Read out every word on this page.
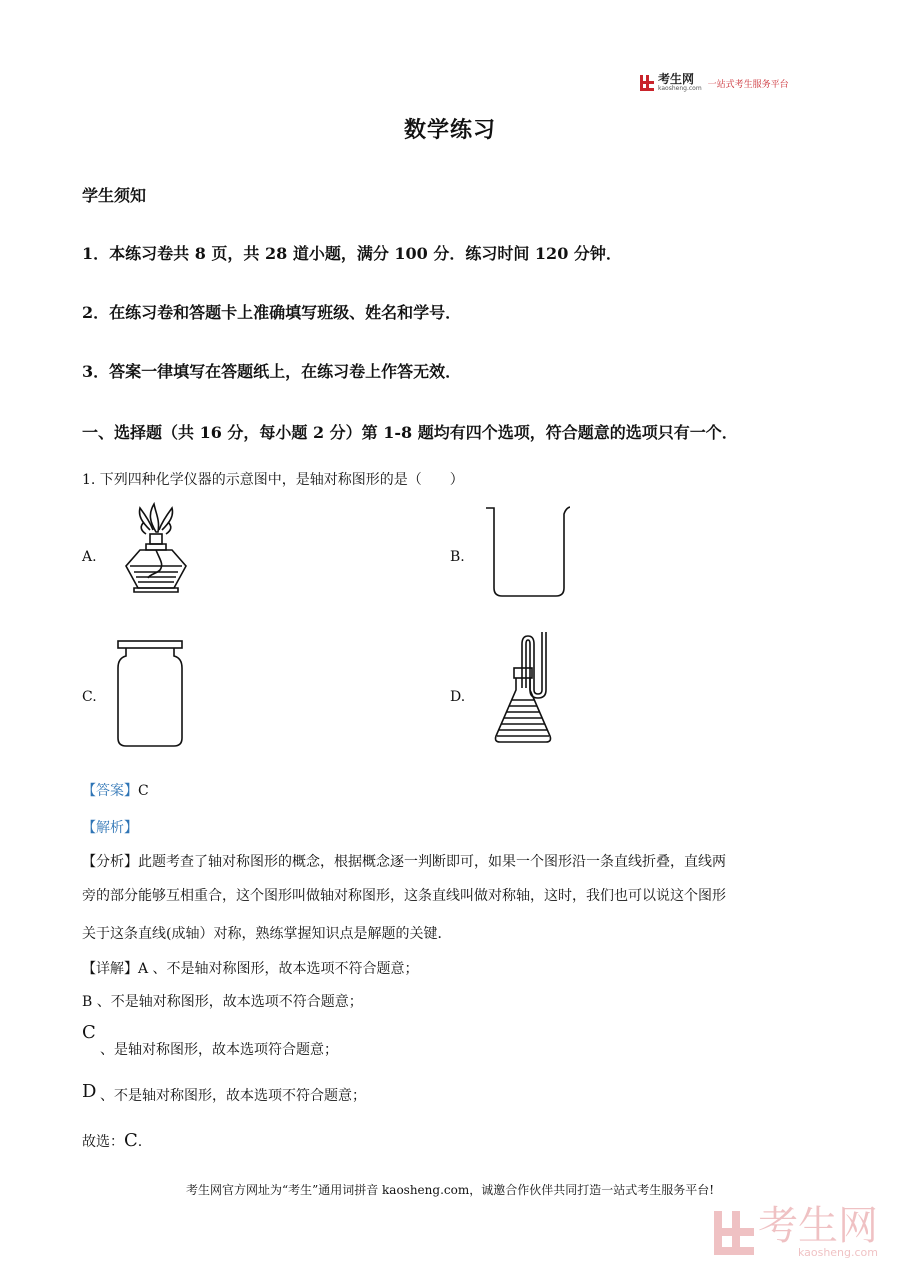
考生网
kaosheng.com 一站式考生服务平台
数学练习
学生须知
1．本练习卷共 8 页，共 28 道小题，满分 100 分．练习时间 120 分钟．
2．在练习卷和答题卡上准确填写班级、姓名和学号．
3．答案一律填写在答题纸上，在练习卷上作答无效．
一、选择题（共 16 分，每小题 2 分）第 1-8 题均有四个选项，符合题意的选项只有一个．
1. 下列四种化学仪器的示意图中，是轴对称图形的是（　　）
A.	B.
C.	D.
【答案】C
【解析】
【分析】此题考查了轴对称图形的概念，根据概念逐一判断即可，如果一个图形沿一条直线折叠，直线两
旁的部分能够互相重合，这个图形叫做轴对称图形，这条直线叫做对称轴，这时，我们也可以说这个图形
关于这条直线(成轴）对称，熟练掌握知识点是解题的关键．
【详解】A 、不是轴对称图形，故本选项不符合题意；
B 、不是轴对称图形，故本选项不符合题意；
C
、是轴对称图形，故本选项符合题意；
D 、不是轴对称图形，故本选项不符合题意；
故选：C.
考生网官方网址为“考生”通用词拼音 kaosheng.com，诚邀合作伙伴共同打造一站式考生服务平台!
考生网
kaosheng.com
